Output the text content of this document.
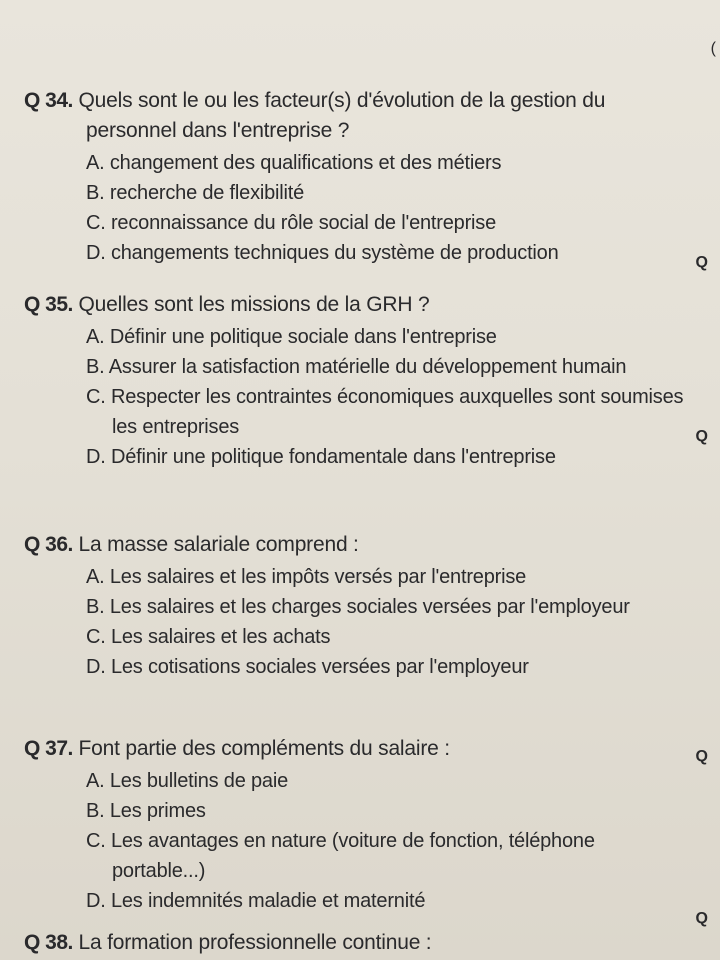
(
Q 34. Quels sont le ou les facteur(s) d'évolution de la gestion du personnel dans l'entreprise ?
A. changement des qualifications et des métiers
B. recherche de flexibilité
C. reconnaissance du rôle social de l'entreprise
D. changements techniques du système de production	Q
Q 35. Quelles sont les missions de la GRH ?
A. Définir une politique sociale dans l'entreprise
B. Assurer la satisfaction matérielle du développement humain
C. Respecter les contraintes économiques auxquelles sont soumises les entreprises
D. Définir une politique fondamentale dans l'entreprise
Q
Q 36. La masse salariale comprend :
A. Les salaires et les impôts versés par l'entreprise
B. Les salaires et les charges sociales versées par l'employeur
C. Les salaires et les achats
D. Les cotisations sociales versées par l'employeur
Q 37. Font partie des compléments du salaire :
A. Les bulletins de paie
B. Les primes
C. Les avantages en nature (voiture de fonction, téléphone portable...)
D. Les indemnités maladie et maternité
Q
Q
Q 38. La formation professionnelle continue :
